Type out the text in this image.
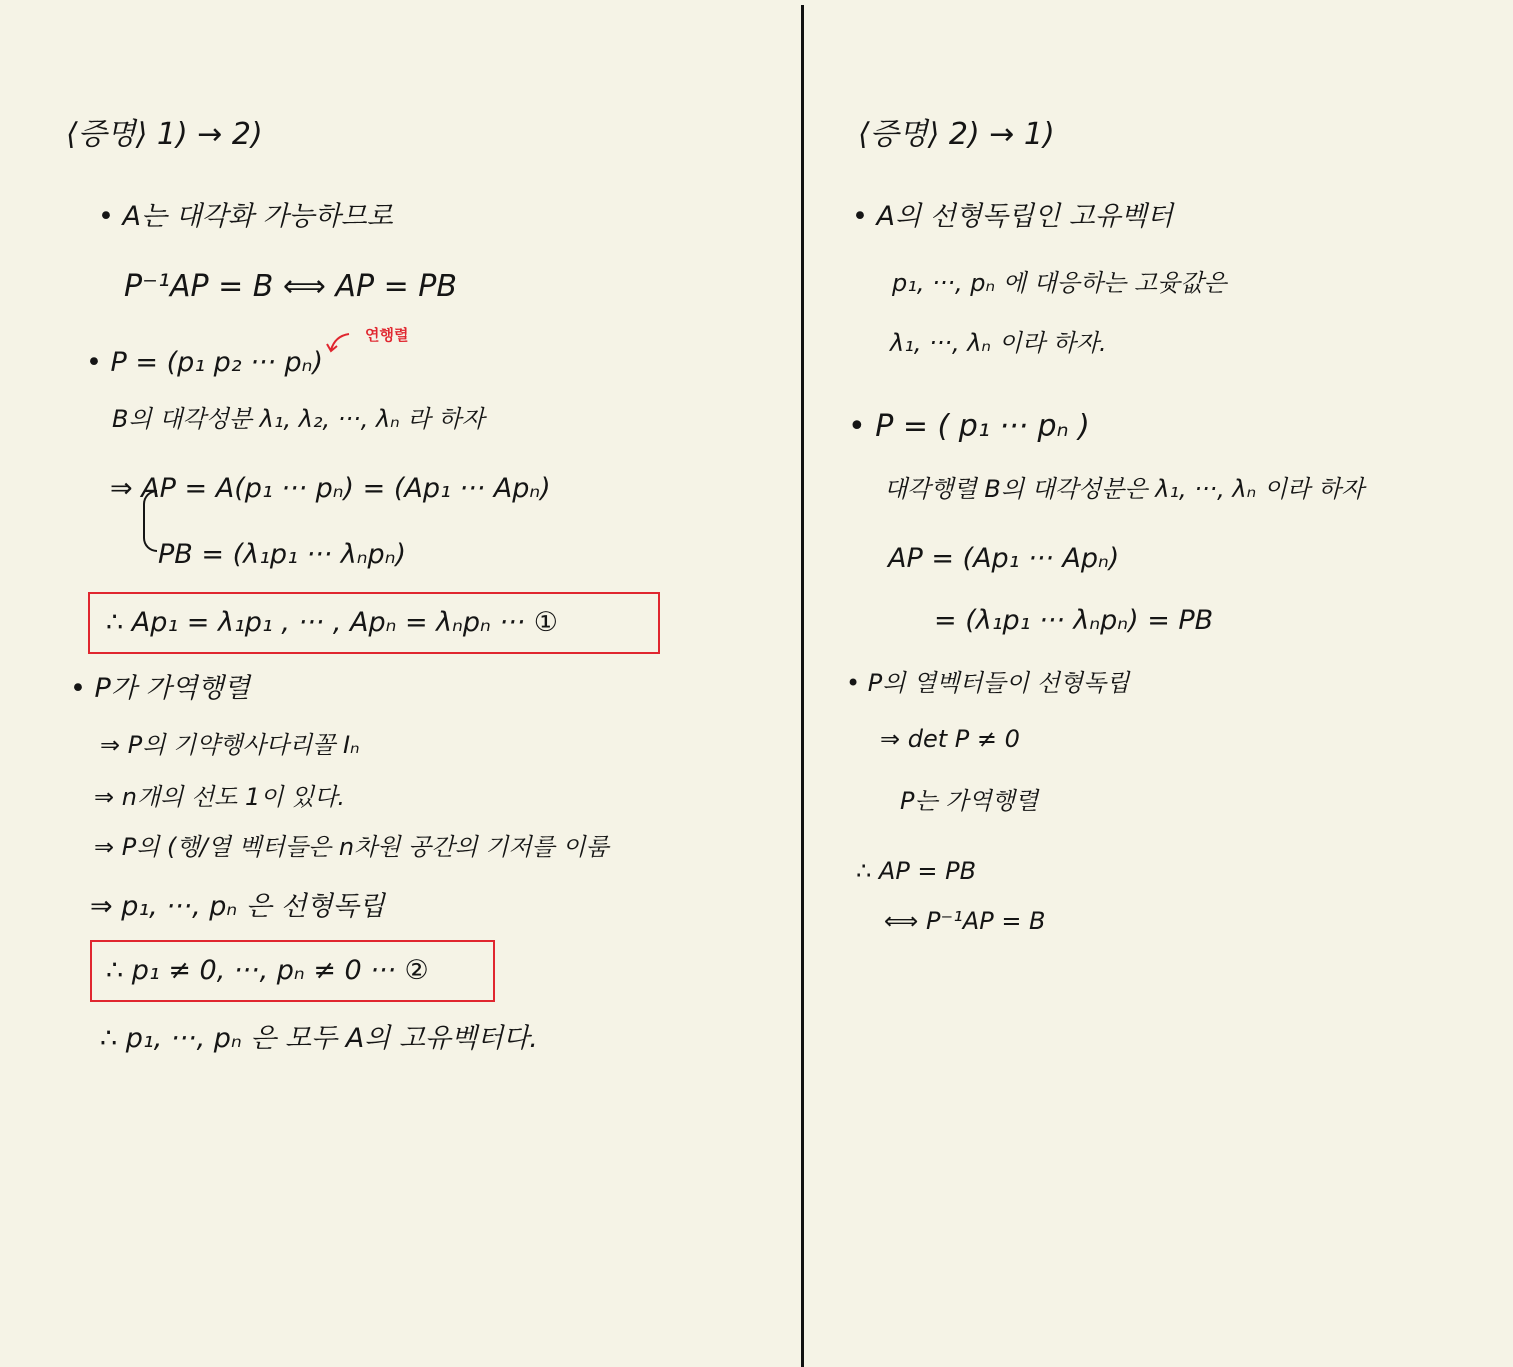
⟨증명⟩ 1) → 2)
• A는 대각화 가능하므로
P⁻¹AP = B ⟺ AP = PB
연행렬
• P = (p₁ p₂ ··· pₙ)
B의 대각성분 λ₁, λ₂, ···, λₙ 라 하자
⇒ AP = A(p₁ ··· pₙ) = (Ap₁ ··· Apₙ)
PB = (λ₁p₁ ··· λₙpₙ)
∴ Ap₁ = λ₁p₁ , ··· , Apₙ = λₙpₙ ··· ①
• P가 가역행렬
⇒ P의 기약행사다리꼴 Iₙ
⇒ n개의 선도 1이 있다.
⇒ P의 (행/열 벡터들은 n차원 공간의 기저를 이룸
⇒ p₁, ···, pₙ 은 선형독립
∴ p₁ ≠ 0, ···, pₙ ≠ 0 ··· ②
∴ p₁, ···, pₙ 은 모두 A의 고유벡터다.
⟨증명⟩ 2) → 1)
• A의 선형독립인 고유벡터
p₁, ···, pₙ 에 대응하는 고윳값은
λ₁, ···, λₙ 이라 하자.
• P = ( p₁ ··· pₙ )
대각행렬 B의 대각성분은 λ₁, ···, λₙ 이라 하자
AP = (Ap₁ ··· Apₙ)
= (λ₁p₁ ··· λₙpₙ) = PB
• P의 열벡터들이 선형독립
⇒ det P ≠ 0
P는 가역행렬
∴ AP = PB
⟺ P⁻¹AP = B
